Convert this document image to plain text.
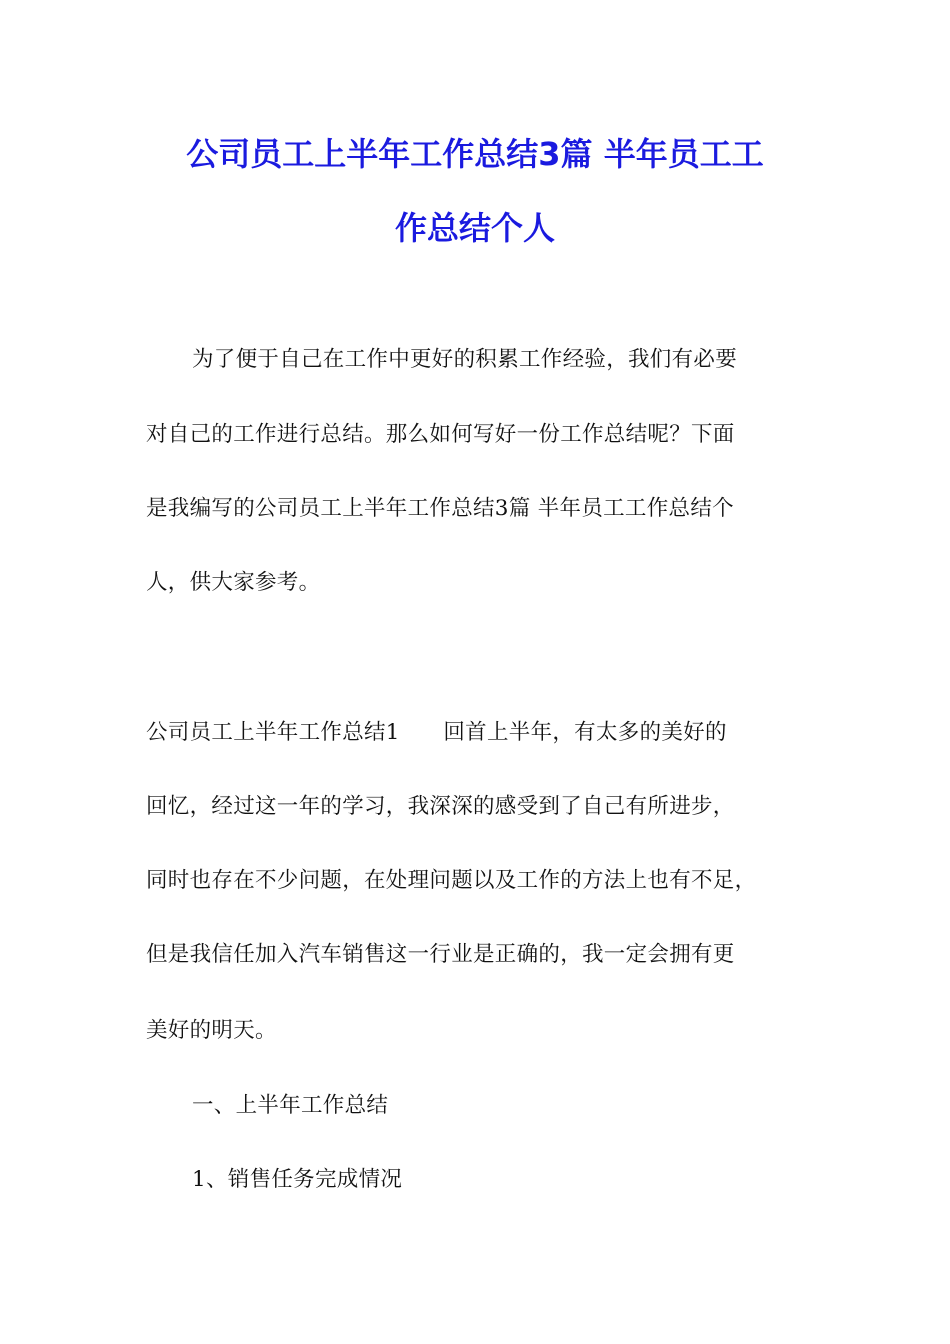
公司员工上半年工作总结3篇 半年员工工
作总结个人
为了便于自己在工作中更好的积累工作经验，我们有必要
对自己的工作进行总结。那么如何写好一份工作总结呢？下面
是我编写的公司员工上半年工作总结3篇 半年员工工作总结个
人，供大家参考。
公司员工上半年工作总结1　　回首上半年，有太多的美好的
回忆，经过这一年的学习，我深深的感受到了自己有所进步，
同时也存在不少问题，在处理问题以及工作的方法上也有不足，
但是我信任加入汽车销售这一行业是正确的，我一定会拥有更
美好的明天。
一、上半年工作总结
1、销售任务完成情况
